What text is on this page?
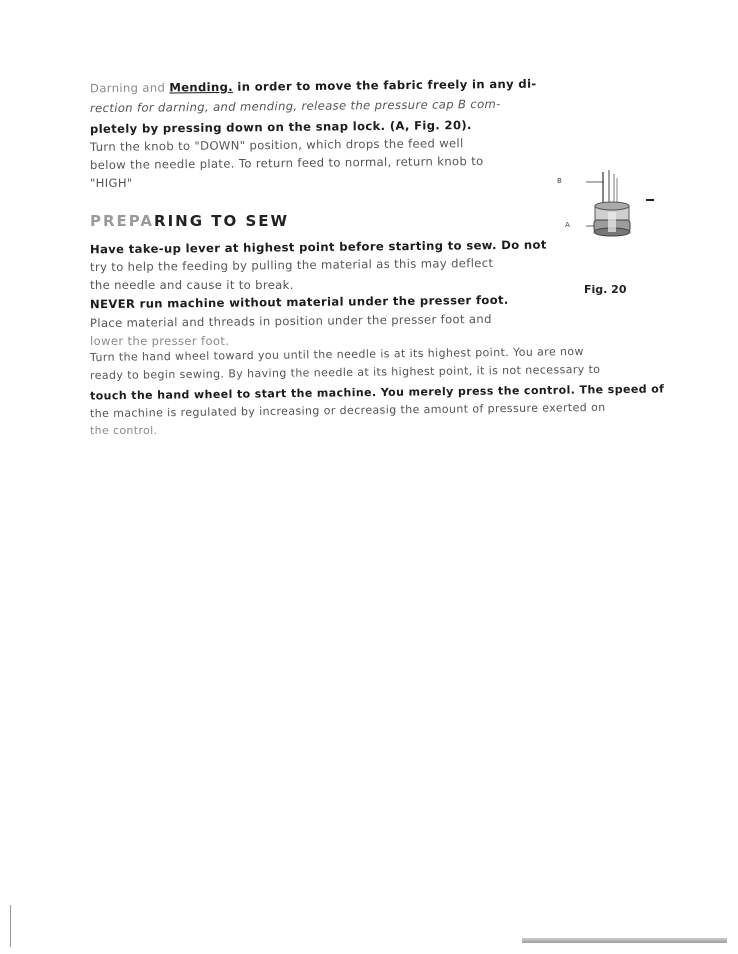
Darning and Mending. in order to move the fabric freely in any di-
rection for darning, and mending, release the pressure cap B com-
pletely by pressing down on the snap lock. (A, Fig. 20).
Turn the knob to "DOWN" position, which drops the feed well
below the needle plate. To return feed to normal, return knob to
"HIGH"
PREPARING TO SEW
Have take-up lever at highest point before starting to sew. Do not
try to help the feeding by pulling the material as this may deflect
the needle and cause it to break.
NEVER run machine without material under the presser foot.
Place material and threads in position under the presser foot and
lower the presser foot.
Turn the hand wheel toward you until the needle is at its highest point. You are now
ready to begin sewing. By having the needle at its highest point, it is not necessary to
touch the hand wheel to start the machine. You merely press the control. The speed of
the machine is regulated by increasing or decreasig the amount of pressure exerted on
the control.
B
A
Fig. 20
